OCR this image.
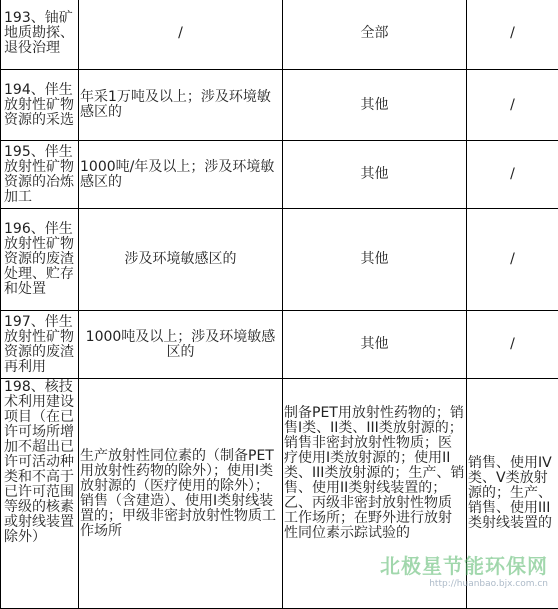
193、铀矿地质勘探、退役治理	/	全部	/

194、伴生放射性矿物资源的采选	年采1万吨及以上；涉及环境敏感区的	其他	/

195、伴生放射性矿物资源的冶炼加工	1000吨/年及以上；涉及环境敏感区的	其他	/

196、伴生放射性矿物资源的废渣处理、贮存和处置	涉及环境敏感区的	其他	/

197、伴生放射性矿物资源的废渣再利用	1000吨及以上；涉及环境敏感区的	其他	/

198、核技术利用建设项目（在已许可场所增加不超出已许可活动种类和不高于已许可范围等级的核素或射线装置除外）	生产放射性同位素的（制备PET用放射性药物的除外）；使用I类放射源的（医疗使用的除外）；销售（含建造）、使用I类射线装置的；甲级非密封放射性物质工作场所	制备PET用放射性药物的；销售I类、II类、III类放射源的；销售非密封放射性物质；医疗使用I类放射源的；使用II类、III类放射源的；生产、销售、使用II类射线装置的；乙、丙级非密封放射性物质工作场所；在野外进行放射性同位素示踪试验的	销售、使用IV类、V类放射源的；生产、销售、使用III类射线装置的
北极星节能环保网
http://huanbao.bjx.com.cn
